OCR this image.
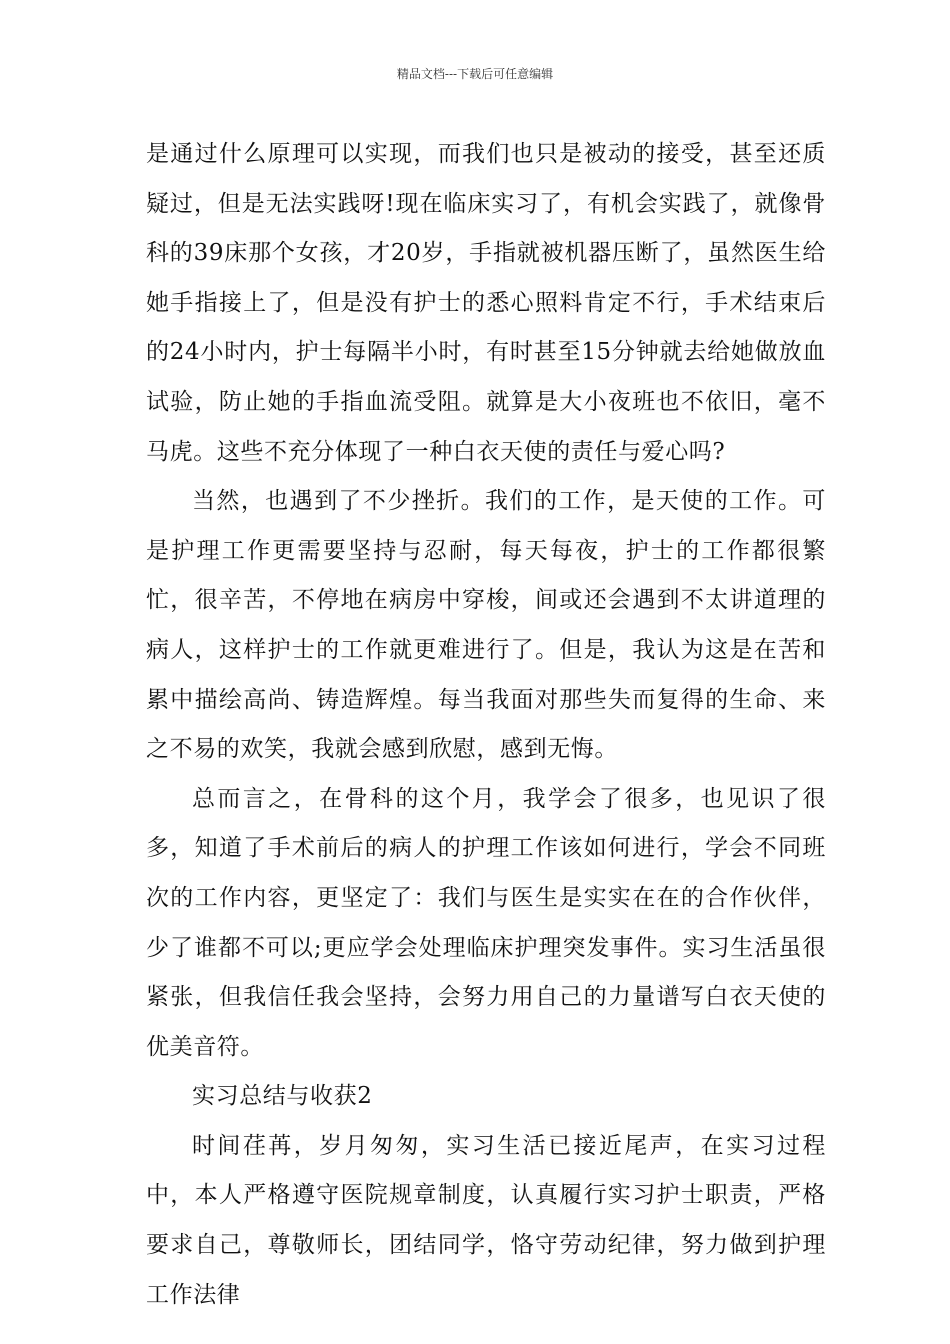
精品文档---下载后可任意编辑

是通过什么原理可以实现，而我们也只是被动的接受，甚至还质疑过，但是无法实践呀!现在临床实习了，有机会实践了，就像骨科的39床那个女孩，才20岁，手指就被机器压断了，虽然医生给她手指接上了，但是没有护士的悉心照料肯定不行，手术结束后的24小时内，护士每隔半小时，有时甚至15分钟就去给她做放血试验，防止她的手指血流受阻。就算是大小夜班也不依旧，毫不马虎。这些不充分体现了一种白衣天使的责任与爱心吗?

当然，也遇到了不少挫折。我们的工作，是天使的工作。可是护理工作更需要坚持与忍耐，每天每夜，护士的工作都很繁忙，很辛苦，不停地在病房中穿梭，间或还会遇到不太讲道理的病人，这样护士的工作就更难进行了。但是，我认为这是在苦和累中描绘高尚、铸造辉煌。每当我面对那些失而复得的生命、来之不易的欢笑，我就会感到欣慰，感到无悔。

总而言之，在骨科的这个月，我学会了很多，也见识了很多，知道了手术前后的病人的护理工作该如何进行，学会不同班次的工作内容，更坚定了：我们与医生是实实在在的合作伙伴，少了谁都不可以;更应学会处理临床护理突发事件。实习生活虽很紧张，但我信任我会坚持，会努力用自己的力量谱写白衣天使的优美音符。

实习总结与收获2

时间荏苒，岁月匆匆，实习生活已接近尾声，在实习过程中，本人严格遵守医院规章制度，认真履行实习护士职责，严格要求自己，尊敬师长，团结同学，恪守劳动纪律，努力做到护理工作法律
